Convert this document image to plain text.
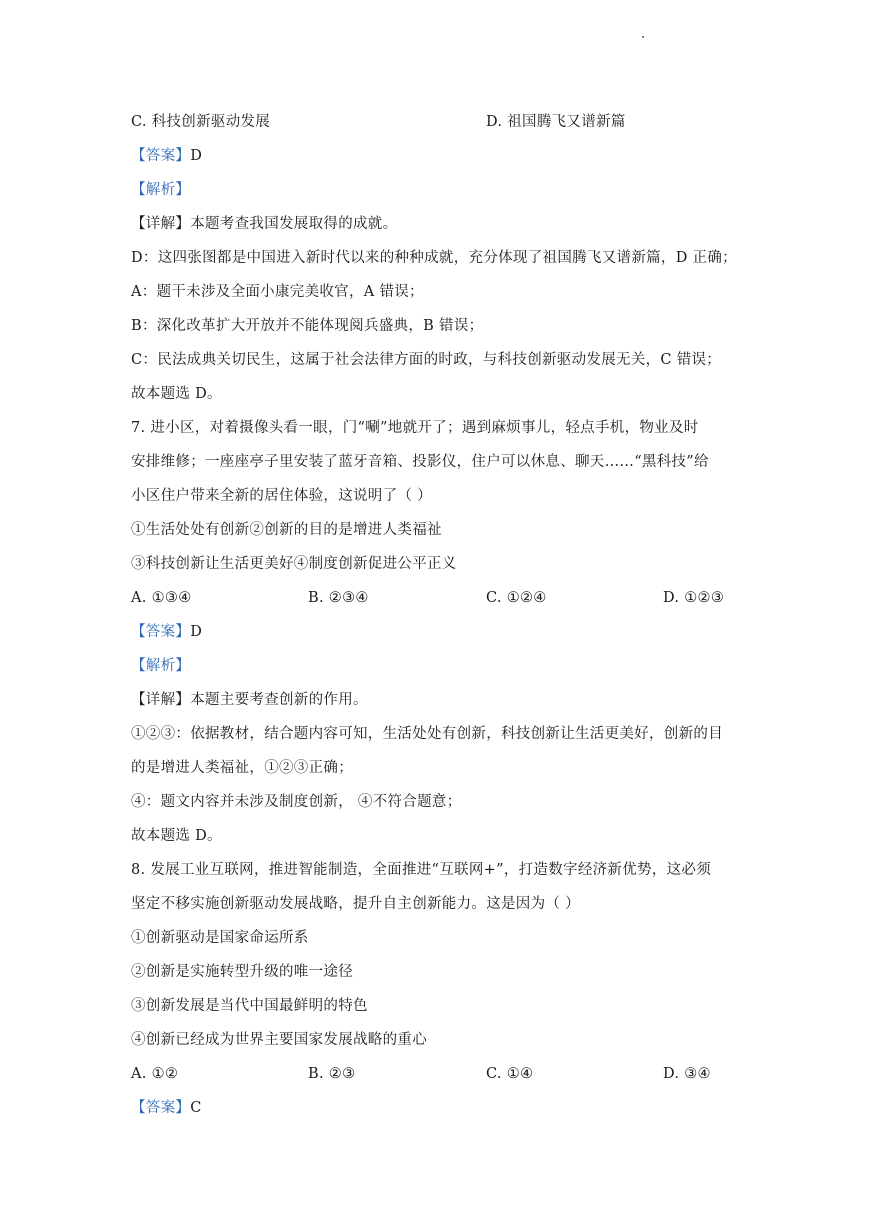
C. 科技创新驱动发展	D. 祖国腾飞又谱新篇
【答案】D
【解析】
【详解】本题考查我国发展取得的成就。
D：这四张图都是中国进入新时代以来的种种成就，充分体现了祖国腾飞又谱新篇，D 正确；
A：题干未涉及全面小康完美收官，A 错误；
B：深化改革扩大开放并不能体现阅兵盛典，B 错误；
C：民法成典关切民生，这属于社会法律方面的时政，与科技创新驱动发展无关，C 错误；
故本题选 D。
7. 进小区，对着摄像头看一眼，门“唰”地就开了；遇到麻烦事儿，轻点手机，物业及时
安排维修；一座座亭子里安装了蓝牙音箱、投影仪，住户可以休息、聊天……“黑科技”给
小区住户带来全新的居住体验，这说明了（ ）
①生活处处有创新②创新的目的是增进人类福祉
③科技创新让生活更美好④制度创新促进公平正义
A. ①③④	B. ②③④	C. ①②④	D. ①②③
【答案】D
【解析】
【详解】本题主要考查创新的作用。
①②③：依据教材，结合题内容可知，生活处处有创新，科技创新让生活更美好，创新的目
的是增进人类福祉，①②③正确；
④：题文内容并未涉及制度创新， ④不符合题意；
故本题选 D。
8. 发展工业互联网，推进智能制造，全面推进“互联网+”，打造数字经济新优势，这必须
坚定不移实施创新驱动发展战略，提升自主创新能力。这是因为（ ）
①创新驱动是国家命运所系
②创新是实施转型升级的唯一途径
③创新发展是当代中国最鲜明的特色
④创新已经成为世界主要国家发展战略的重心
A. ①②	B. ②③	C. ①④	D. ③④
【答案】C
